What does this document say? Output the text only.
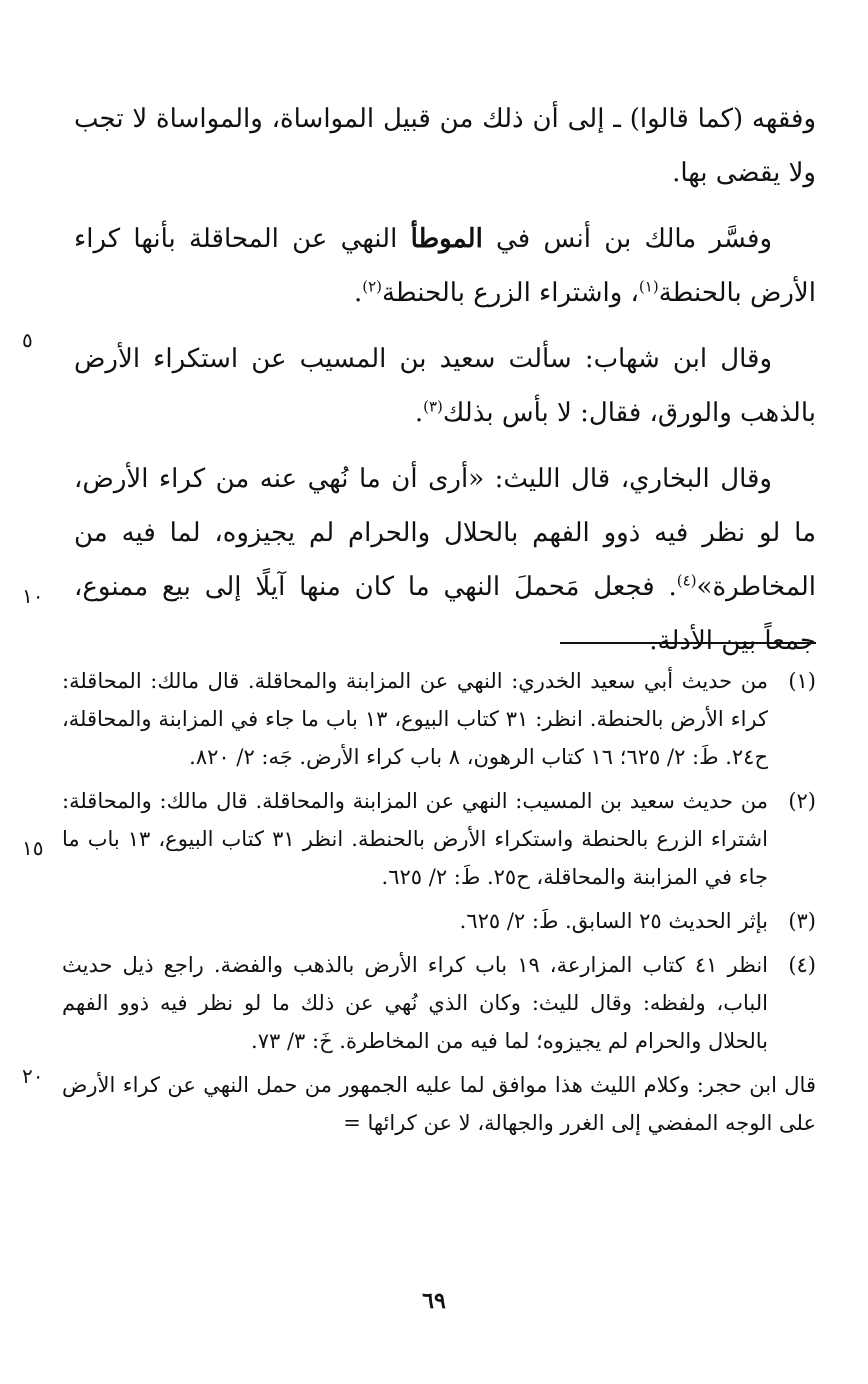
وفقهه (كما قالوا) ـ إلى أن ذلك من قبيل المواساة، والمواساة لا تجب ولا يقضى بها.

وفسَّر مالك بن أنس في الموطأ النهي عن المحاقلة بأنها كراء الأرض بالحنطة$^{(١)}$، واشتراء الزرع بالحنطة$^{(٢)}$.

وقال ابن شهاب: سألت سعيد بن المسيب عن استكراء الأرض بالذهب والورق، فقال: لا بأس بذلك$^{(٣)}$.

وقال البخاري، قال الليث: «أرى أن ما نُهي عنه من كراء الأرض، ما لو نظر فيه ذوو الفهم بالحلال والحرام لم يجيزوه، لما فيه من المخاطرة»$^{(٤)}$. فجعل مَحملَ النهي ما كان منها آيلًا إلى بيع ممنوع، جمعاً بين الأدلة.

(١)
من حديث أبي سعيد الخدري: النهي عن المزابنة والمحاقلة. قال مالك: المحاقلة: كراء الأرض بالحنطة. انظر: ٣١ كتاب البيوع، ١٣ باب ما جاء في المزابنة والمحاقلة، ح٢٤. طَ: ٢/ ٦٢٥؛ ١٦ كتاب الرهون، ٨ باب كراء الأرض. جَه: ٢/ ٨٢٠.
(٢)
من حديث سعيد بن المسيب: النهي عن المزابنة والمحاقلة. قال مالك: والمحاقلة: اشتراء الزرع بالحنطة واستكراء الأرض بالحنطة. انظر ٣١ كتاب البيوع، ١٣ باب ما جاء في المزابنة والمحاقلة، ح٢٥. طَ: ٢/ ٦٢٥.
(٣)
بإثر الحديث ٢٥ السابق. طَ: ٢/ ٦٢٥.
(٤)
انظر ٤١ كتاب المزارعة، ١٩ باب كراء الأرض بالذهب والفضة. راجع ذيل حديث الباب، ولفظه: وقال لليث: وكان الذي نُهي عن ذلك ما لو نظر فيه ذوو الفهم بالحلال والحرام لم يجيزوه؛ لما فيه من المخاطرة. خَ: ٣/ ٧٣.

قال ابن حجر: وكلام الليث هذا موافق لما عليه الجمهور من حمل النهي عن كراء الأرض على الوجه المفضي إلى الغرر والجهالة، لا عن كرائها =

٥
١٠
١٥
٢٠
٦٩
